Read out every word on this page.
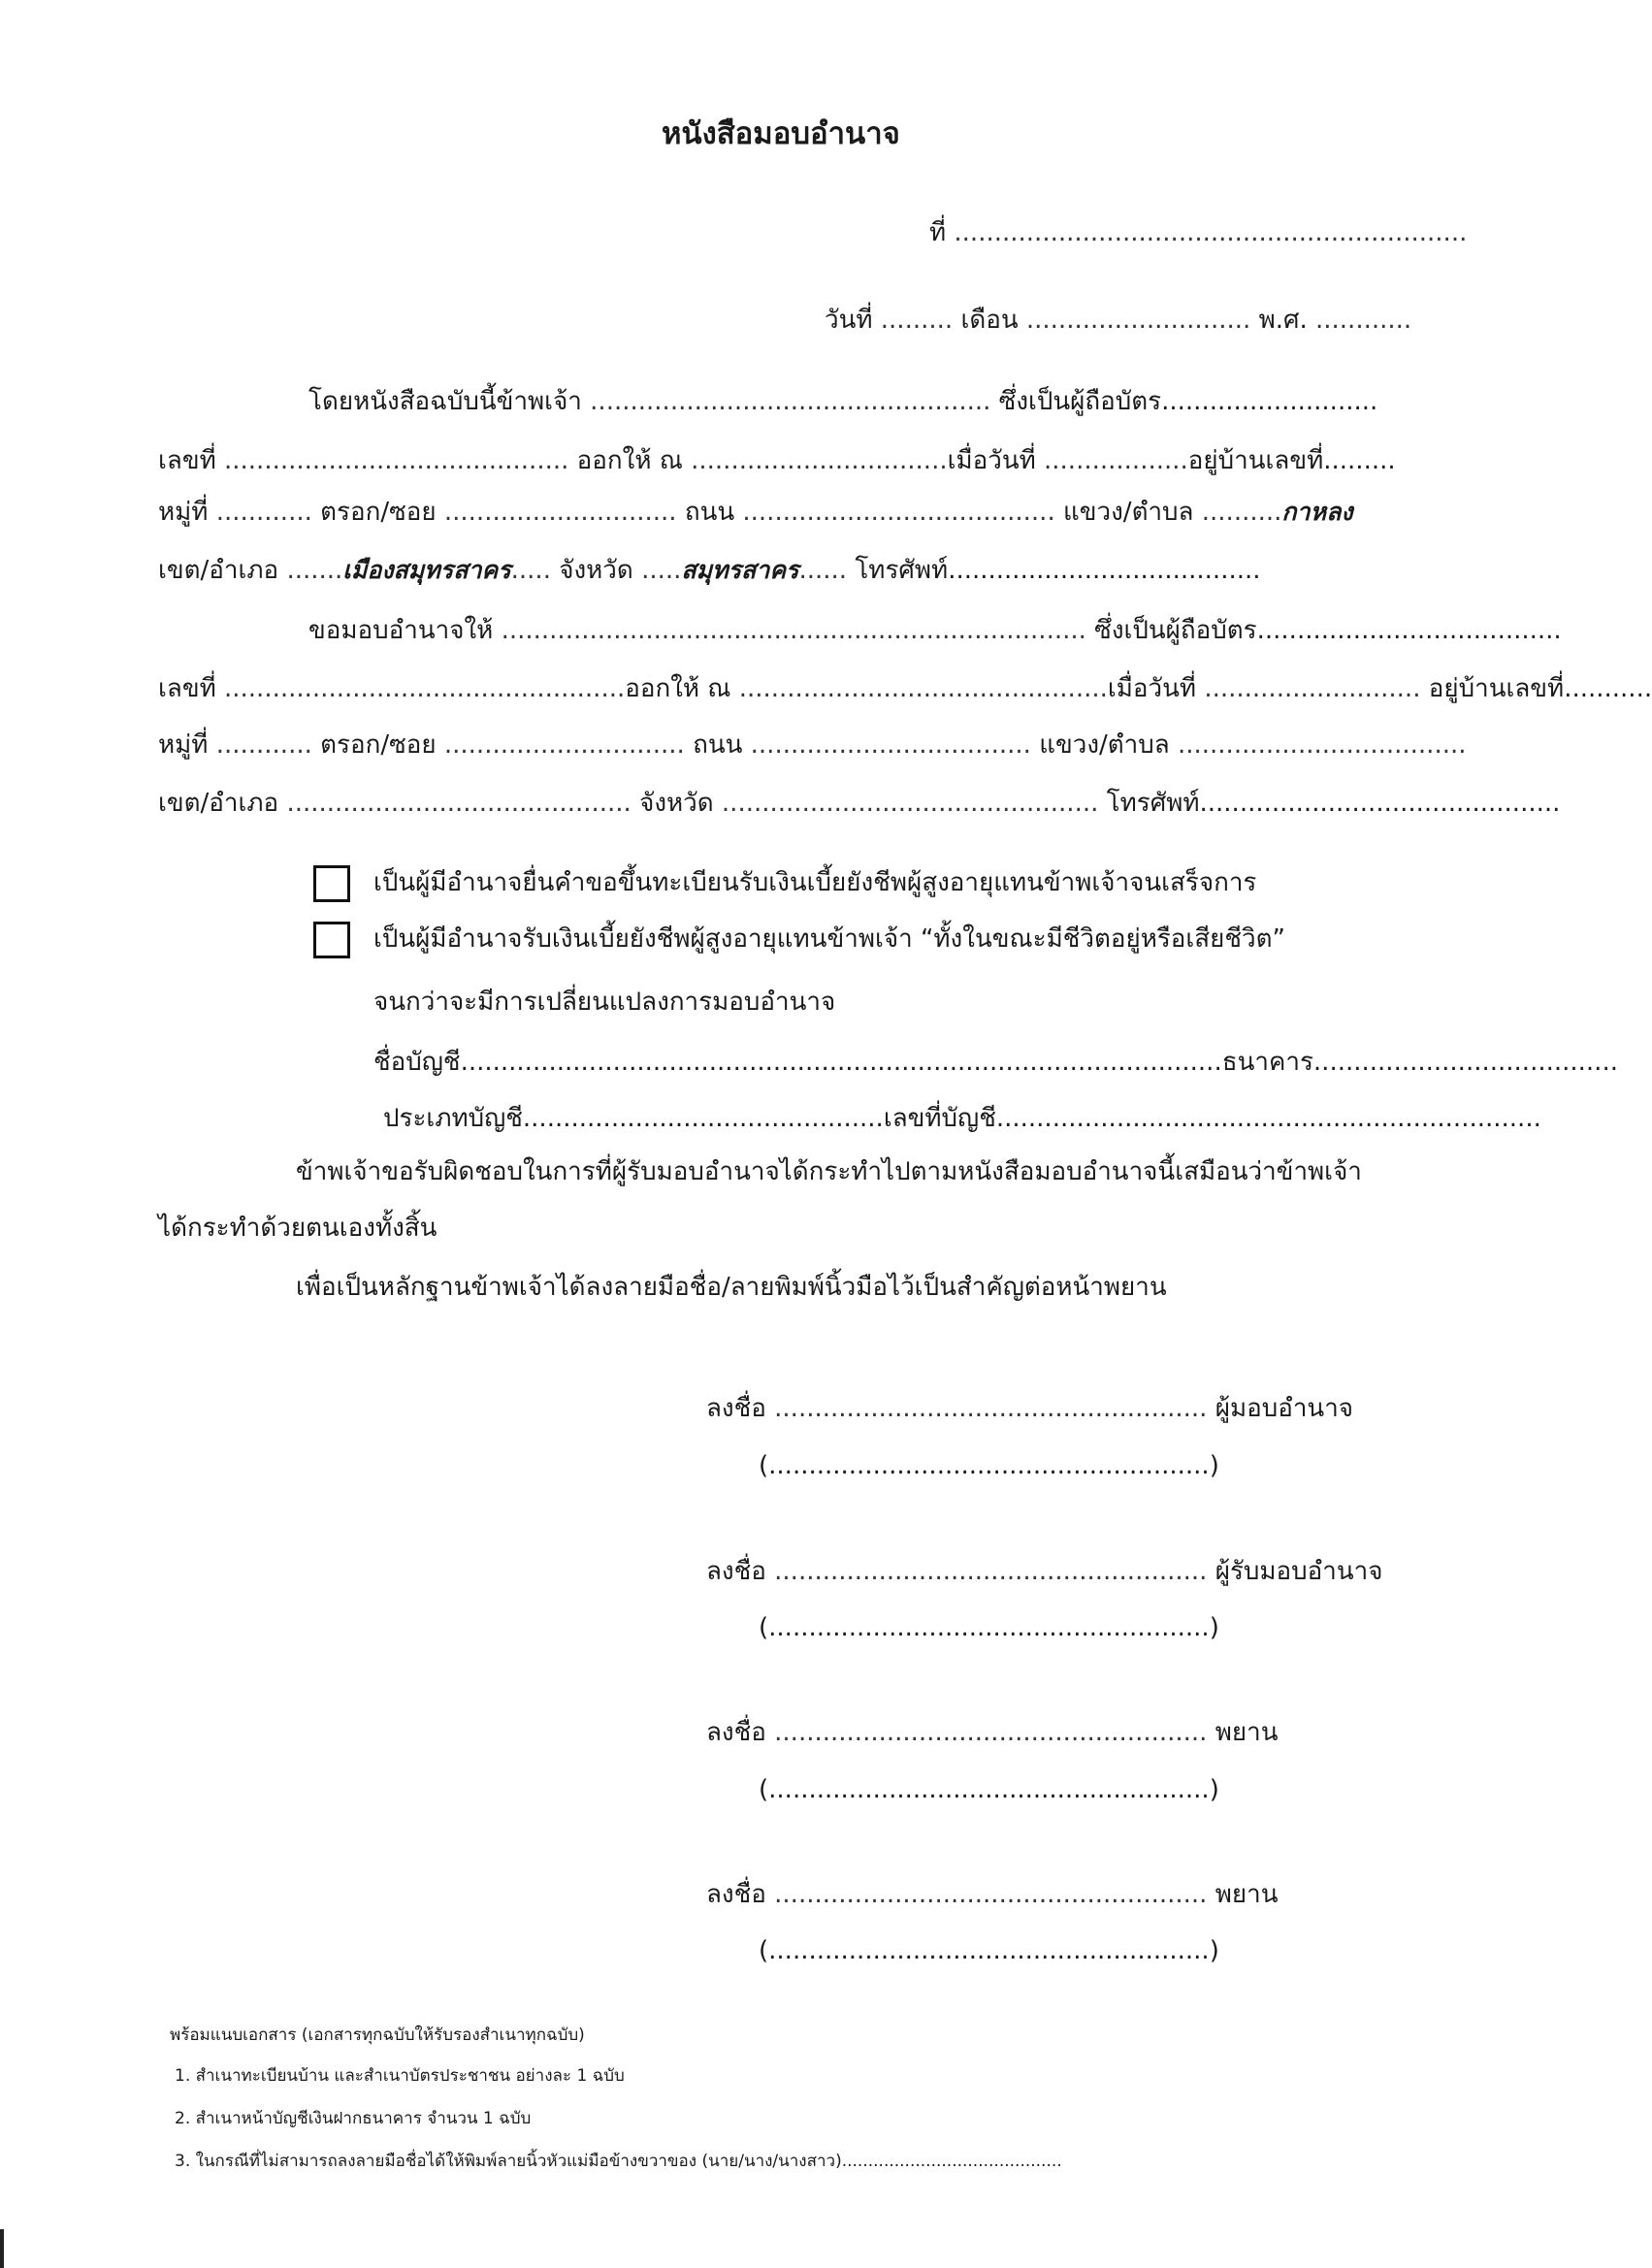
หนังสือมอบอำนาจ
ที่ ................................................................
วันที่ ......... เดือน ............................ พ.ศ. ............
โดยหนังสือฉบับนี้ข้าพเจ้า .................................................. ซึ่งเป็นผู้ถือบัตร...........................
เลขที่ ........................................... ออกให้ ณ ................................เมื่อวันที่ ..................อยู่บ้านเลขที่.........
หมู่ที่ ............ ตรอก/ซอย ............................. ถนน ....................................... แขวง/ตำบล ..........กาหลง
เขต/อำเภอ .......เมืองสมุทรสาคร..... จังหวัด .....สมุทรสาคร...... โทรศัพท์.......................................
ขอมอบอำนาจให้ ......................................................................... ซึ่งเป็นผู้ถือบัตร......................................
เลขที่ ..................................................ออกให้ ณ ..............................................เมื่อวันที่ ........................... อยู่บ้านเลขที่...........
หมู่ที่ ............ ตรอก/ซอย .............................. ถนน ................................... แขวง/ตำบล ....................................
เขต/อำเภอ ........................................... จังหวัด ............................................... โทรศัพท์.............................................
เป็นผู้มีอำนาจยื่นคำขอขึ้นทะเบียนรับเงินเบี้ยยังชีพผู้สูงอายุแทนข้าพเจ้าจนเสร็จการ
เป็นผู้มีอำนาจรับเงินเบี้ยยังชีพผู้สูงอายุแทนข้าพเจ้า “ทั้งในขณะมีชีวิตอยู่หรือเสียชีวิต”
จนกว่าจะมีการเปลี่ยนแปลงการมอบอำนาจ
ชื่อบัญชี...............................................................................................ธนาคาร......................................
ประเภทบัญชี.............................................เลขที่บัญชี....................................................................
ข้าพเจ้าขอรับผิดชอบในการที่ผู้รับมอบอำนาจได้กระทำไปตามหนังสือมอบอำนาจนี้เสมือนว่าข้าพเจ้า
ได้กระทำด้วยตนเองทั้งสิ้น
เพื่อเป็นหลักฐานข้าพเจ้าได้ลงลายมือชื่อ/ลายพิมพ์นิ้วมือไว้เป็นสำคัญต่อหน้าพยาน
ลงชื่อ ...................................................... ผู้มอบอำนาจ
(.......................................................)
ลงชื่อ ...................................................... ผู้รับมอบอำนาจ
(.......................................................)
ลงชื่อ ...................................................... พยาน
(.......................................................)
ลงชื่อ ...................................................... พยาน
(.......................................................)
พร้อมแนบเอกสาร (เอกสารทุกฉบับให้รับรองสำเนาทุกฉบับ)
1. สำเนาทะเบียนบ้าน และสำเนาบัตรประชาชน อย่างละ 1 ฉบับ
2. สำเนาหน้าบัญชีเงินฝากธนาคาร จำนวน 1 ฉบับ
3. ในกรณีที่ไม่สามารถลงลายมือชื่อได้ให้พิมพ์ลายนิ้วหัวแม่มือข้างขวาของ (นาย/นาง/นางสาว)..........................................
